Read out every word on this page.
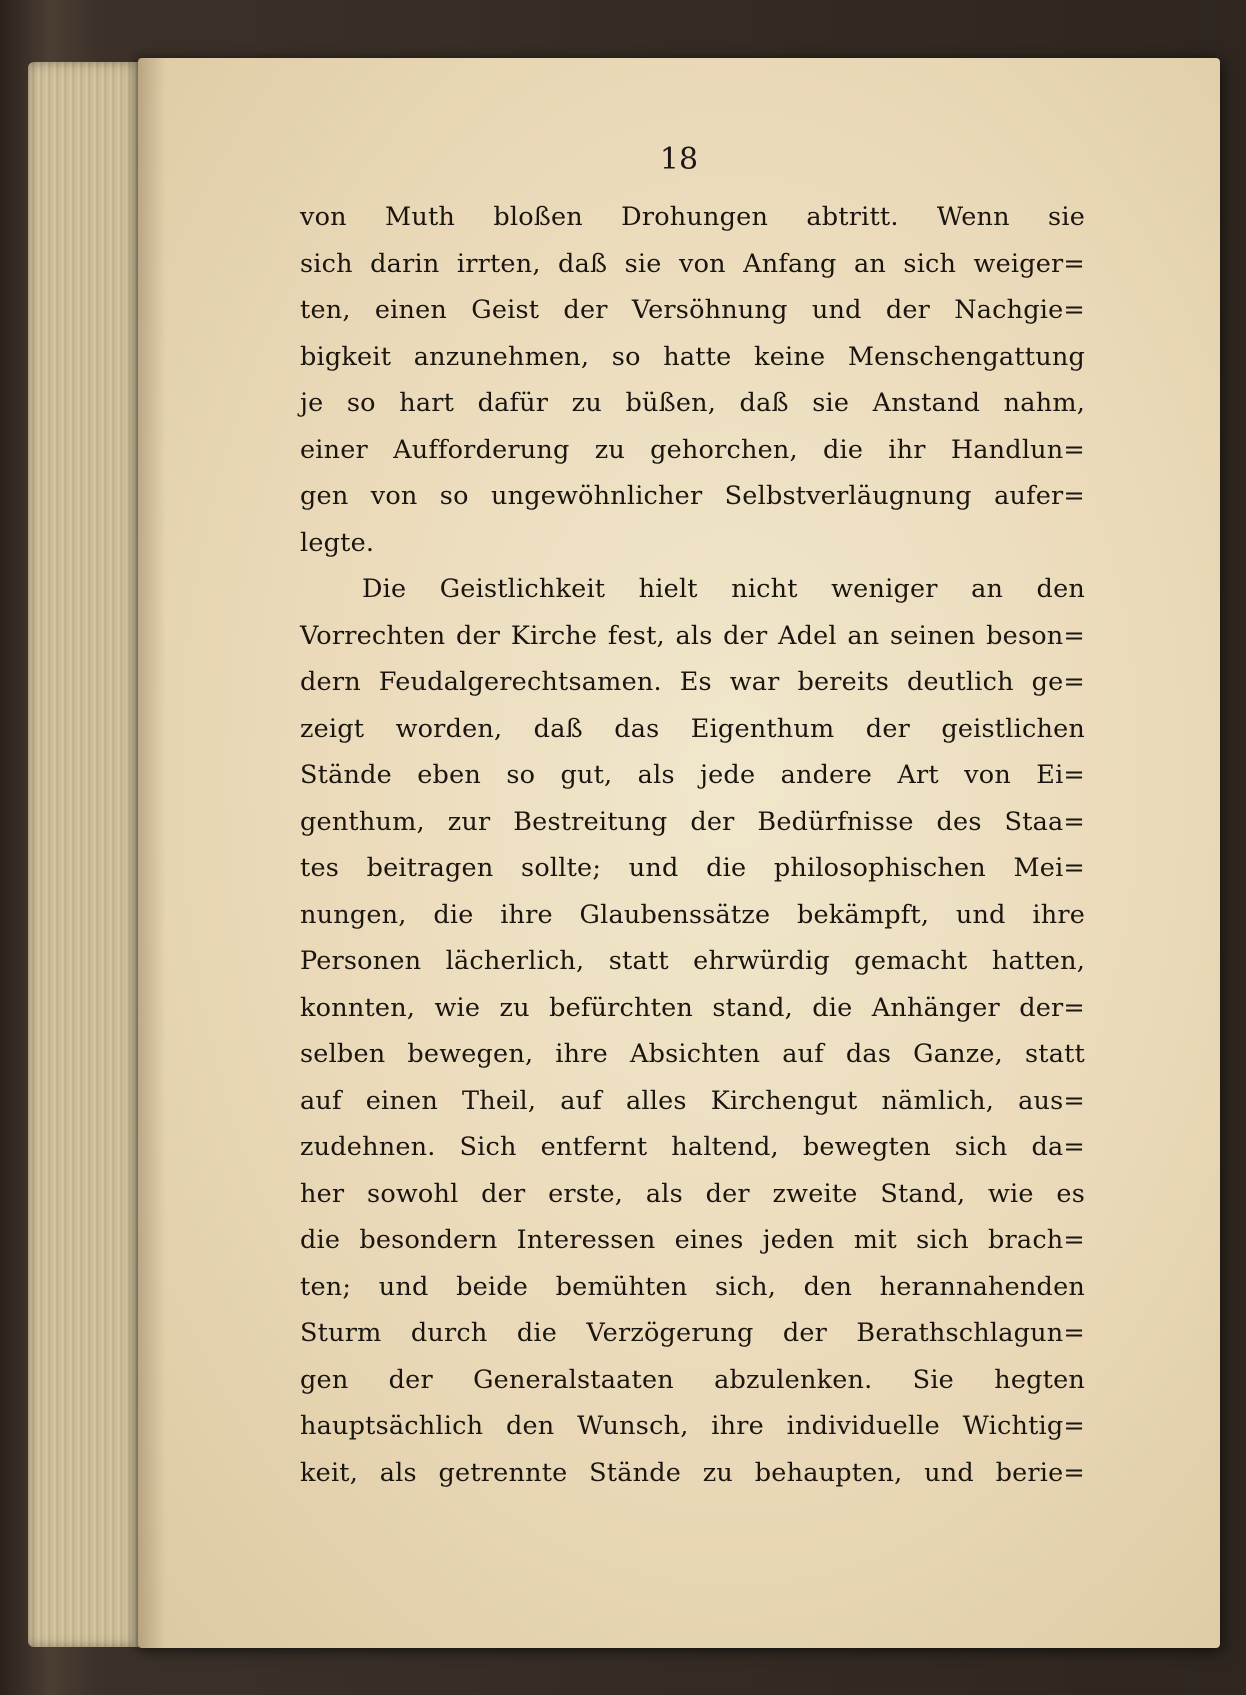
18
von Muth bloßen Drohungen abtritt. Wenn sie
sich darin irrten, daß sie von Anfang an sich weiger=
ten, einen Geist der Versöhnung und der Nachgie=
bigkeit anzunehmen, so hatte keine Menschengattung
je so hart dafür zu büßen, daß sie Anstand nahm,
einer Aufforderung zu gehorchen, die ihr Handlun=
gen von so ungewöhnlicher Selbstverläugnung aufer=
legte.
Die Geistlichkeit hielt nicht weniger an den
Vorrechten der Kirche fest, als der Adel an seinen beson=
dern Feudalgerechtsamen. Es war bereits deutlich ge=
zeigt worden, daß das Eigenthum der geistlichen
Stände eben so gut, als jede andere Art von Ei=
genthum, zur Bestreitung der Bedürfnisse des Staa=
tes beitragen sollte; und die philosophischen Mei=
nungen, die ihre Glaubenssätze bekämpft, und ihre
Personen lächerlich, statt ehrwürdig gemacht hatten,
konnten, wie zu befürchten stand, die Anhänger der=
selben bewegen, ihre Absichten auf das Ganze, statt
auf einen Theil, auf alles Kirchengut nämlich, aus=
zudehnen. Sich entfernt haltend, bewegten sich da=
her sowohl der erste, als der zweite Stand, wie es
die besondern Interessen eines jeden mit sich brach=
ten; und beide bemühten sich, den herannahenden
Sturm durch die Verzögerung der Berathschlagun=
gen der Generalstaaten abzulenken. Sie hegten
hauptsächlich den Wunsch, ihre individuelle Wichtig=
keit, als getrennte Stände zu behaupten, und berie=
